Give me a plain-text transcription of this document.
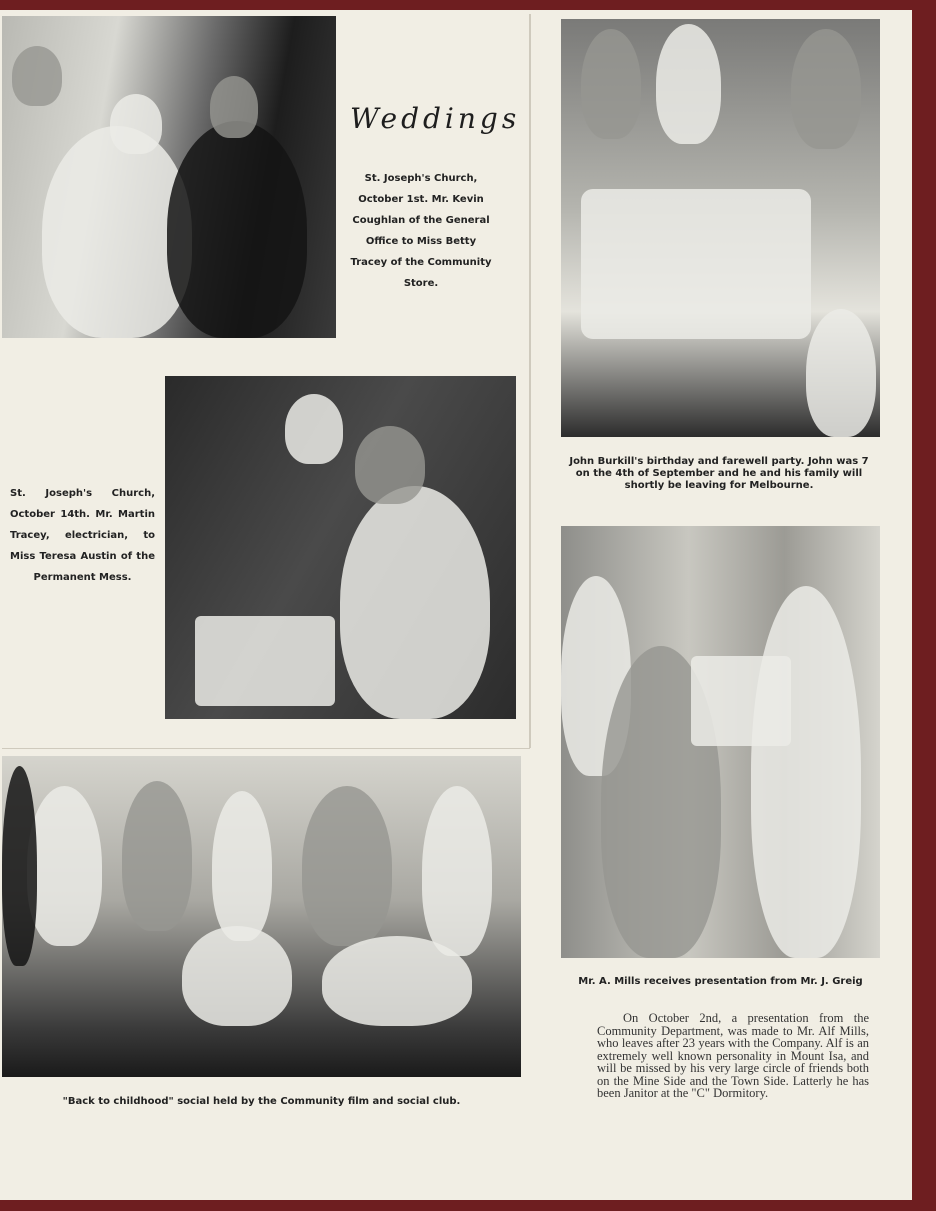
Weddings
St. Joseph's Church, October 1st. Mr. Kevin Coughlan of the General Office to Miss Betty Tracey of the Community Store.
St. Joseph's Church, October 14th. Mr. Martin Tracey, electrician, to Miss Teresa Austin of the Permanent Mess.
John Burkill's birthday and farewell party. John was 7 on the 4th of September and he and his family will shortly be leaving for Melbourne.
Mr. A. Mills receives presentation from Mr. J. Greig
On October 2nd, a presentation from the Community Department, was made to Mr. Alf Mills, who leaves after 23 years with the Company. Alf is an extremely well known personality in Mount Isa, and will be missed by his very large circle of friends both on the Mine Side and the Town Side. Latterly he has been Janitor at the "C" Dormitory.
"Back to childhood" social held by the Community film and social club.
